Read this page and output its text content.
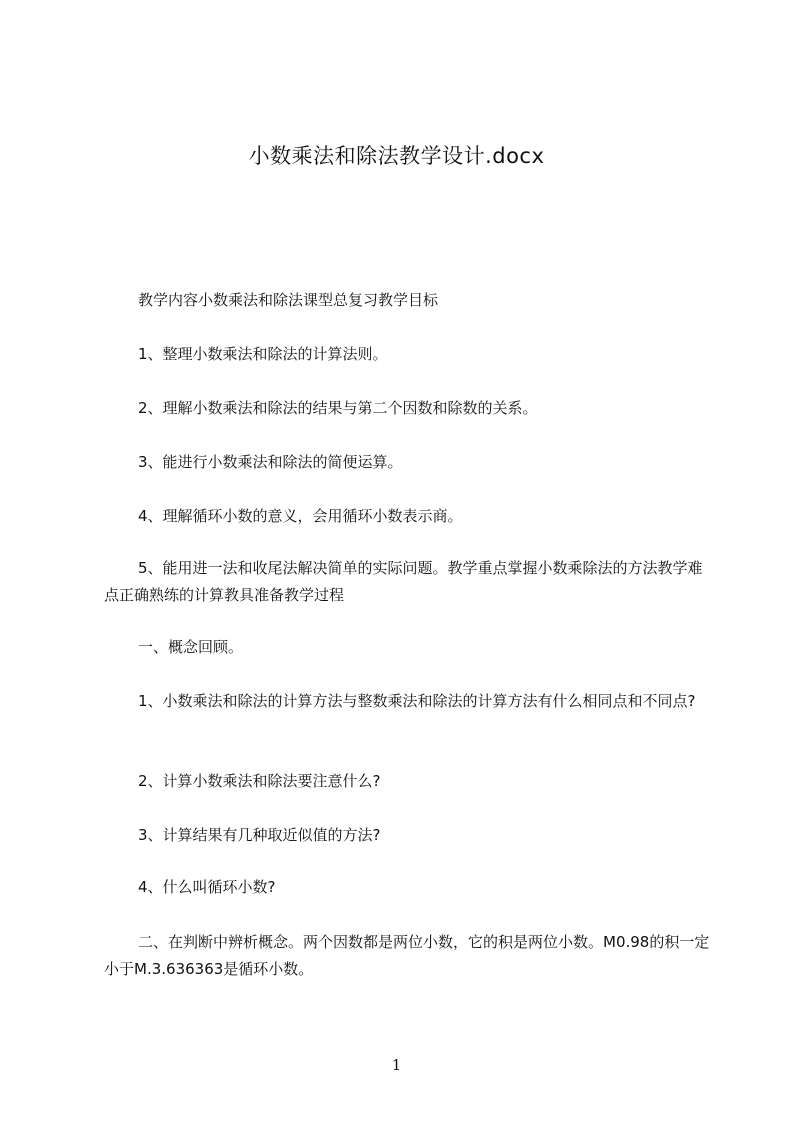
小数乘法和除法教学设计.docx
教学内容小数乘法和除法课型总复习教学目标
1、整理小数乘法和除法的计算法则。
2、理解小数乘法和除法的结果与第二个因数和除数的关系。
3、能进行小数乘法和除法的简便运算。
4、理解循环小数的意义，会用循环小数表示商。
5、能用进一法和收尾法解决简单的实际问题。教学重点掌握小数乘除法的方法教学难点正确熟练的计算教具准备教学过程
一、概念回顾。
1、小数乘法和除法的计算方法与整数乘法和除法的计算方法有什么相同点和不同点?
2、计算小数乘法和除法要注意什么?
3、计算结果有几种取近似值的方法?
4、什么叫循环小数?
二、在判断中辨析概念。两个因数都是两位小数，它的积是两位小数。M0.98的积一定小于M.3.636363是循环小数。
1
